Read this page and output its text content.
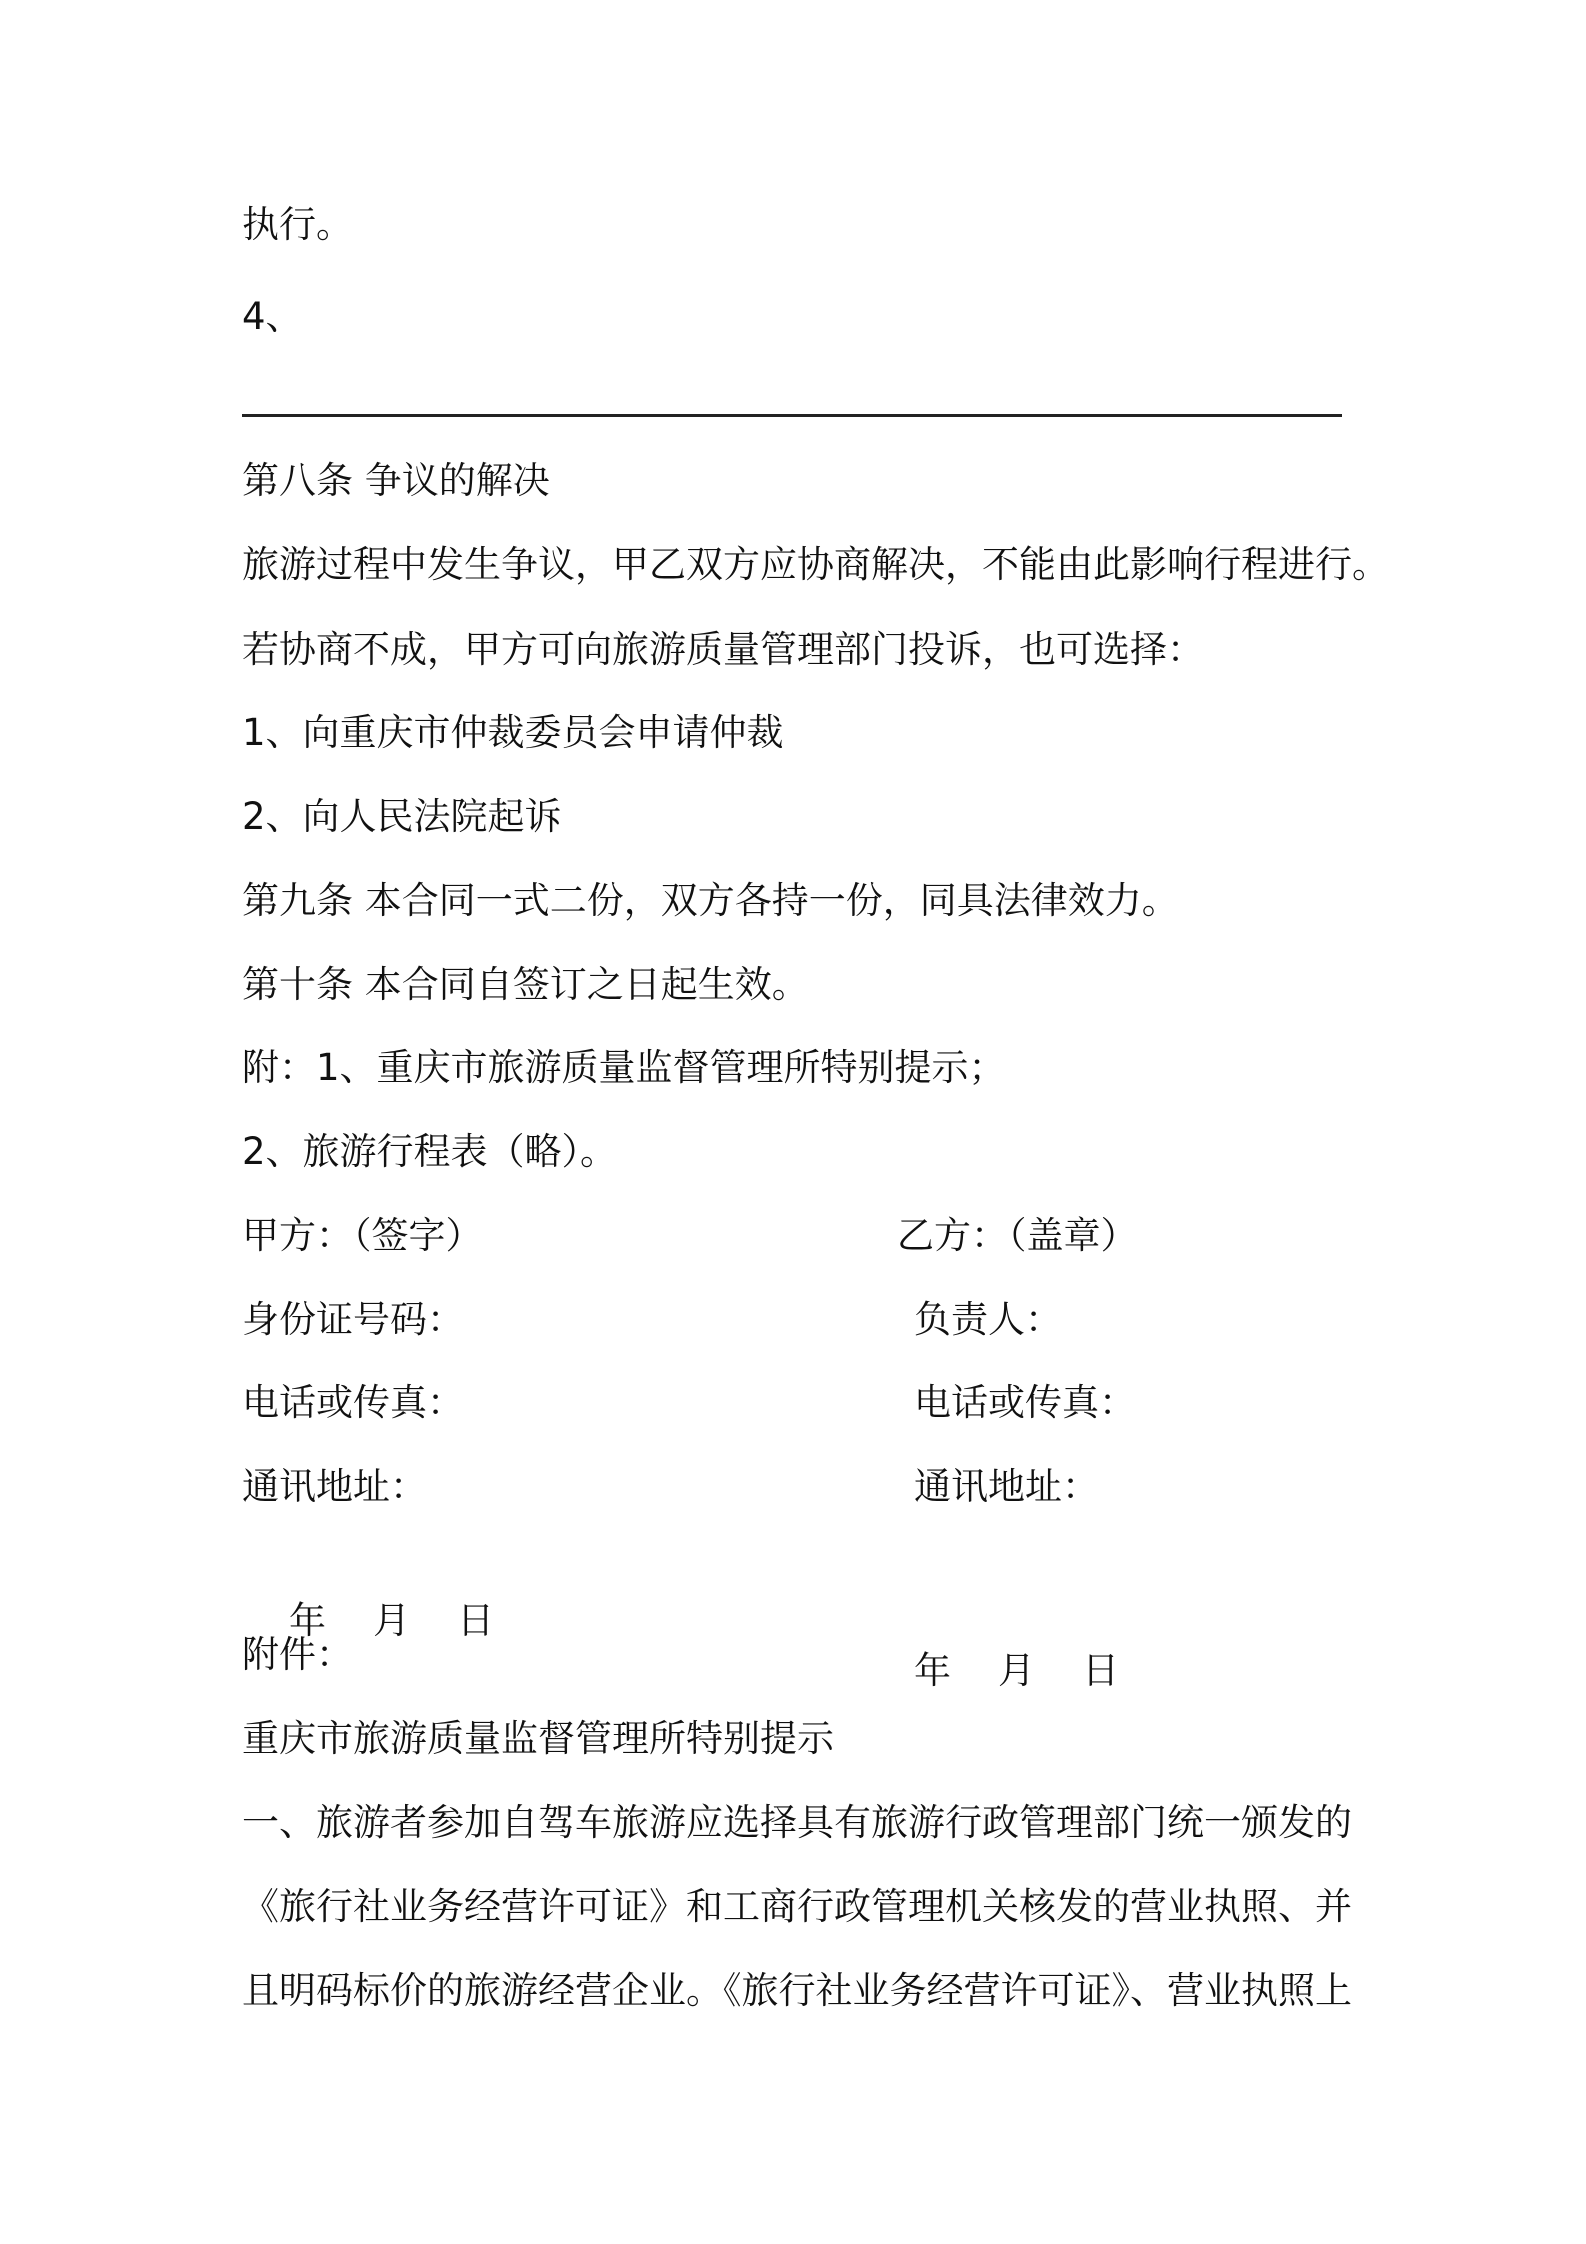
执行。
4、
第八条 争议的解决
旅游过程中发生争议，甲乙双方应协商解决，不能由此影响行程进行。
若协商不成，甲方可向旅游质量管理部门投诉，也可选择：
1、向重庆市仲裁委员会申请仲裁
2、向人民法院起诉
第九条 本合同一式二份，双方各持一份，同具法律效力。
第十条 本合同自签订之日起生效。
附：1、重庆市旅游质量监督管理所特别提示；
2、旅游行程表（略）。
甲方：（签字）	乙方：（盖章）
身份证号码：	负责人：
电话或传真：	电话或传真：
通讯地址：	通讯地址：

年    月    日

年    月    日

附件：
重庆市旅游质量监督管理所特别提示
一、旅游者参加自驾车旅游应选择具有旅游行政管理部门统一颁发的
《旅行社业务经营许可证》和工商行政管理机关核发的营业执照、并
且明码标价的旅游经营企业。《旅行社业务经营许可证》、营业执照上
